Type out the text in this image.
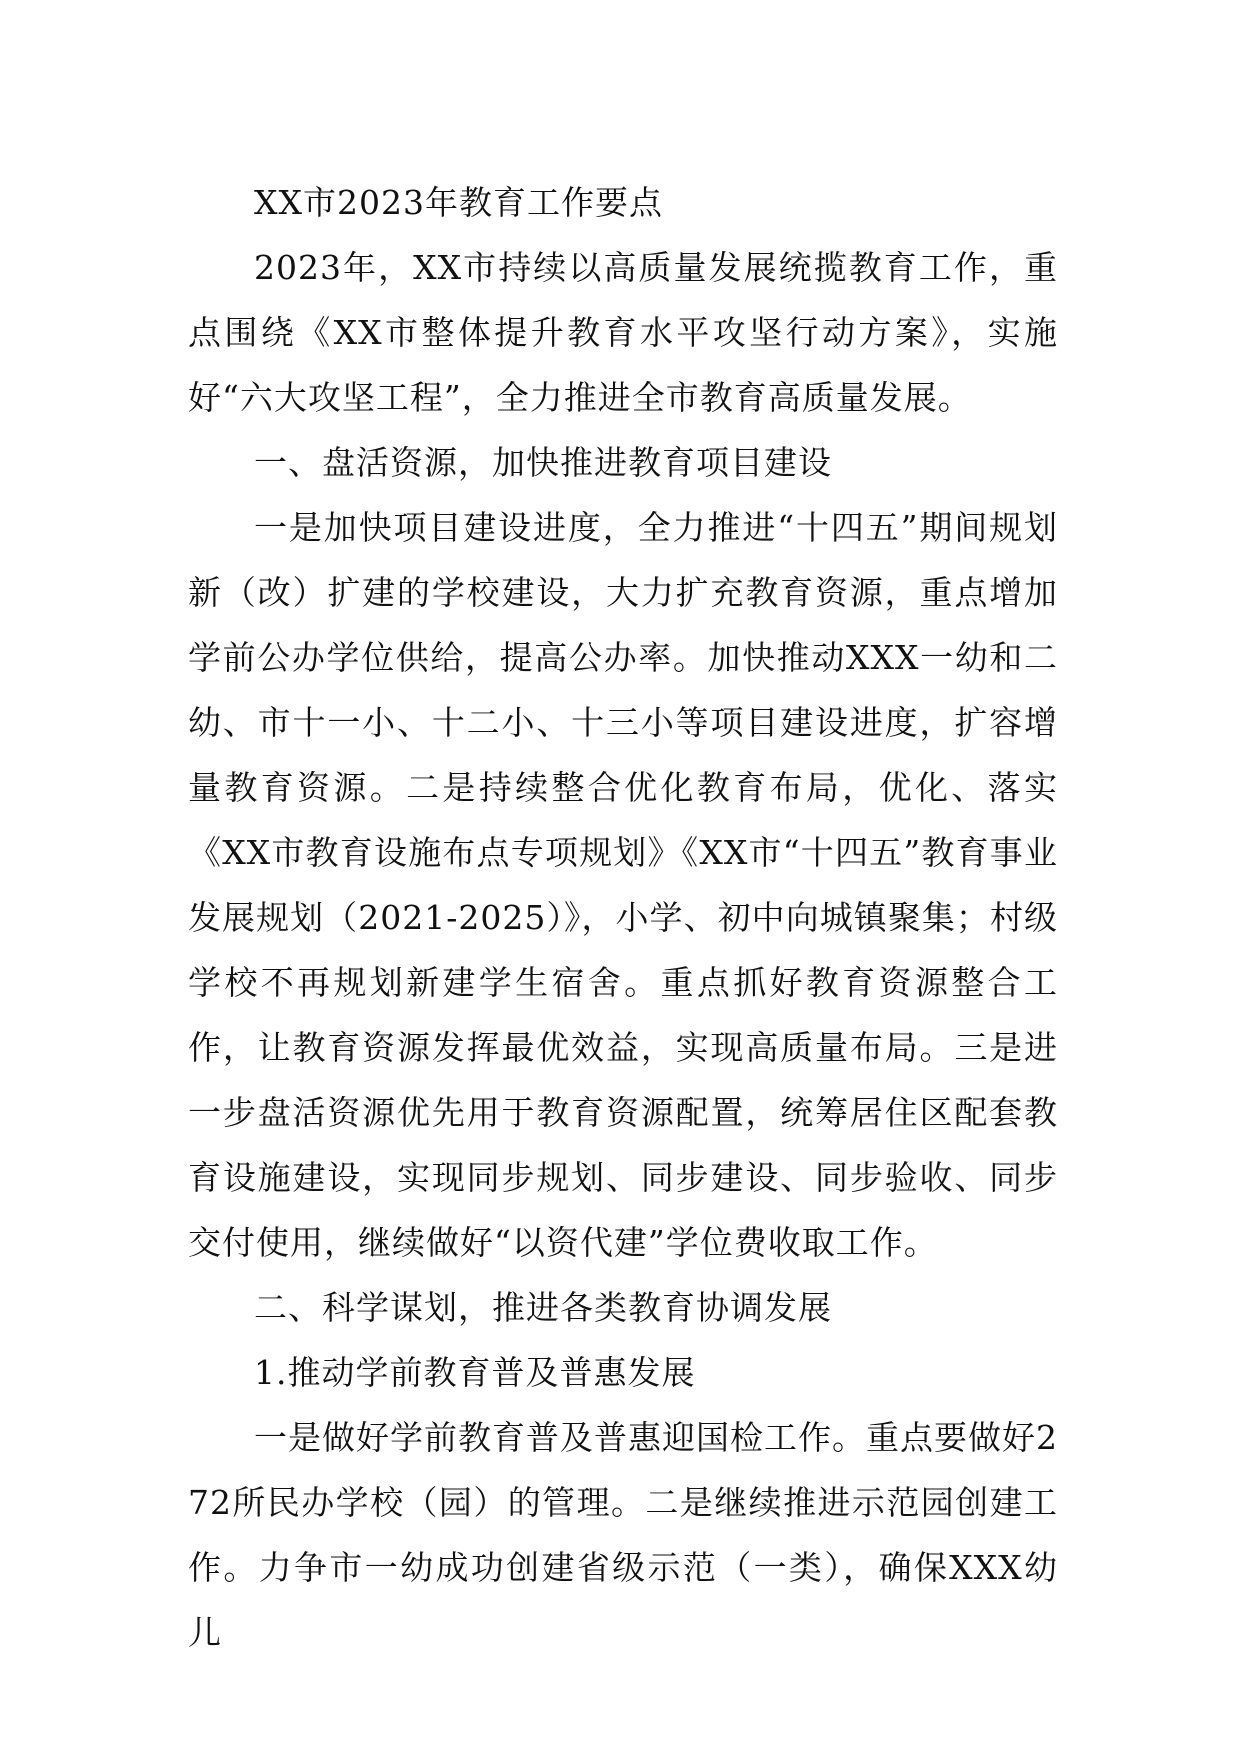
XX市2023年教育工作要点

2023年，XX市持续以高质量发展统揽教育工作，重点围绕《XX市整体提升教育水平攻坚行动方案》，实施好“六大攻坚工程”，全力推进全市教育高质量发展。

一、盘活资源，加快推进教育项目建设

一是加快项目建设进度，全力推进“十四五”期间规划新（改）扩建的学校建设，大力扩充教育资源，重点增加学前公办学位供给，提高公办率。加快推动XXX一幼和二幼、市十一小、十二小、十三小等项目建设进度，扩容增量教育资源。二是持续整合优化教育布局，优化、落实《XX市教育设施布点专项规划》《XX市“十四五”教育事业发展规划（2021-2025）》，小学、初中向城镇聚集；村级学校不再规划新建学生宿舍。重点抓好教育资源整合工作，让教育资源发挥最优效益，实现高质量布局。三是进一步盘活资源优先用于教育资源配置，统筹居住区配套教育设施建设，实现同步规划、同步建设、同步验收、同步交付使用，继续做好“以资代建”学位费收取工作。

二、科学谋划，推进各类教育协调发展

1.推动学前教育普及普惠发展

一是做好学前教育普及普惠迎国检工作。重点要做好272所民办学校（园）的管理。二是继续推进示范园创建工作。力争市一幼成功创建省级示范（一类），确保XXX幼儿
